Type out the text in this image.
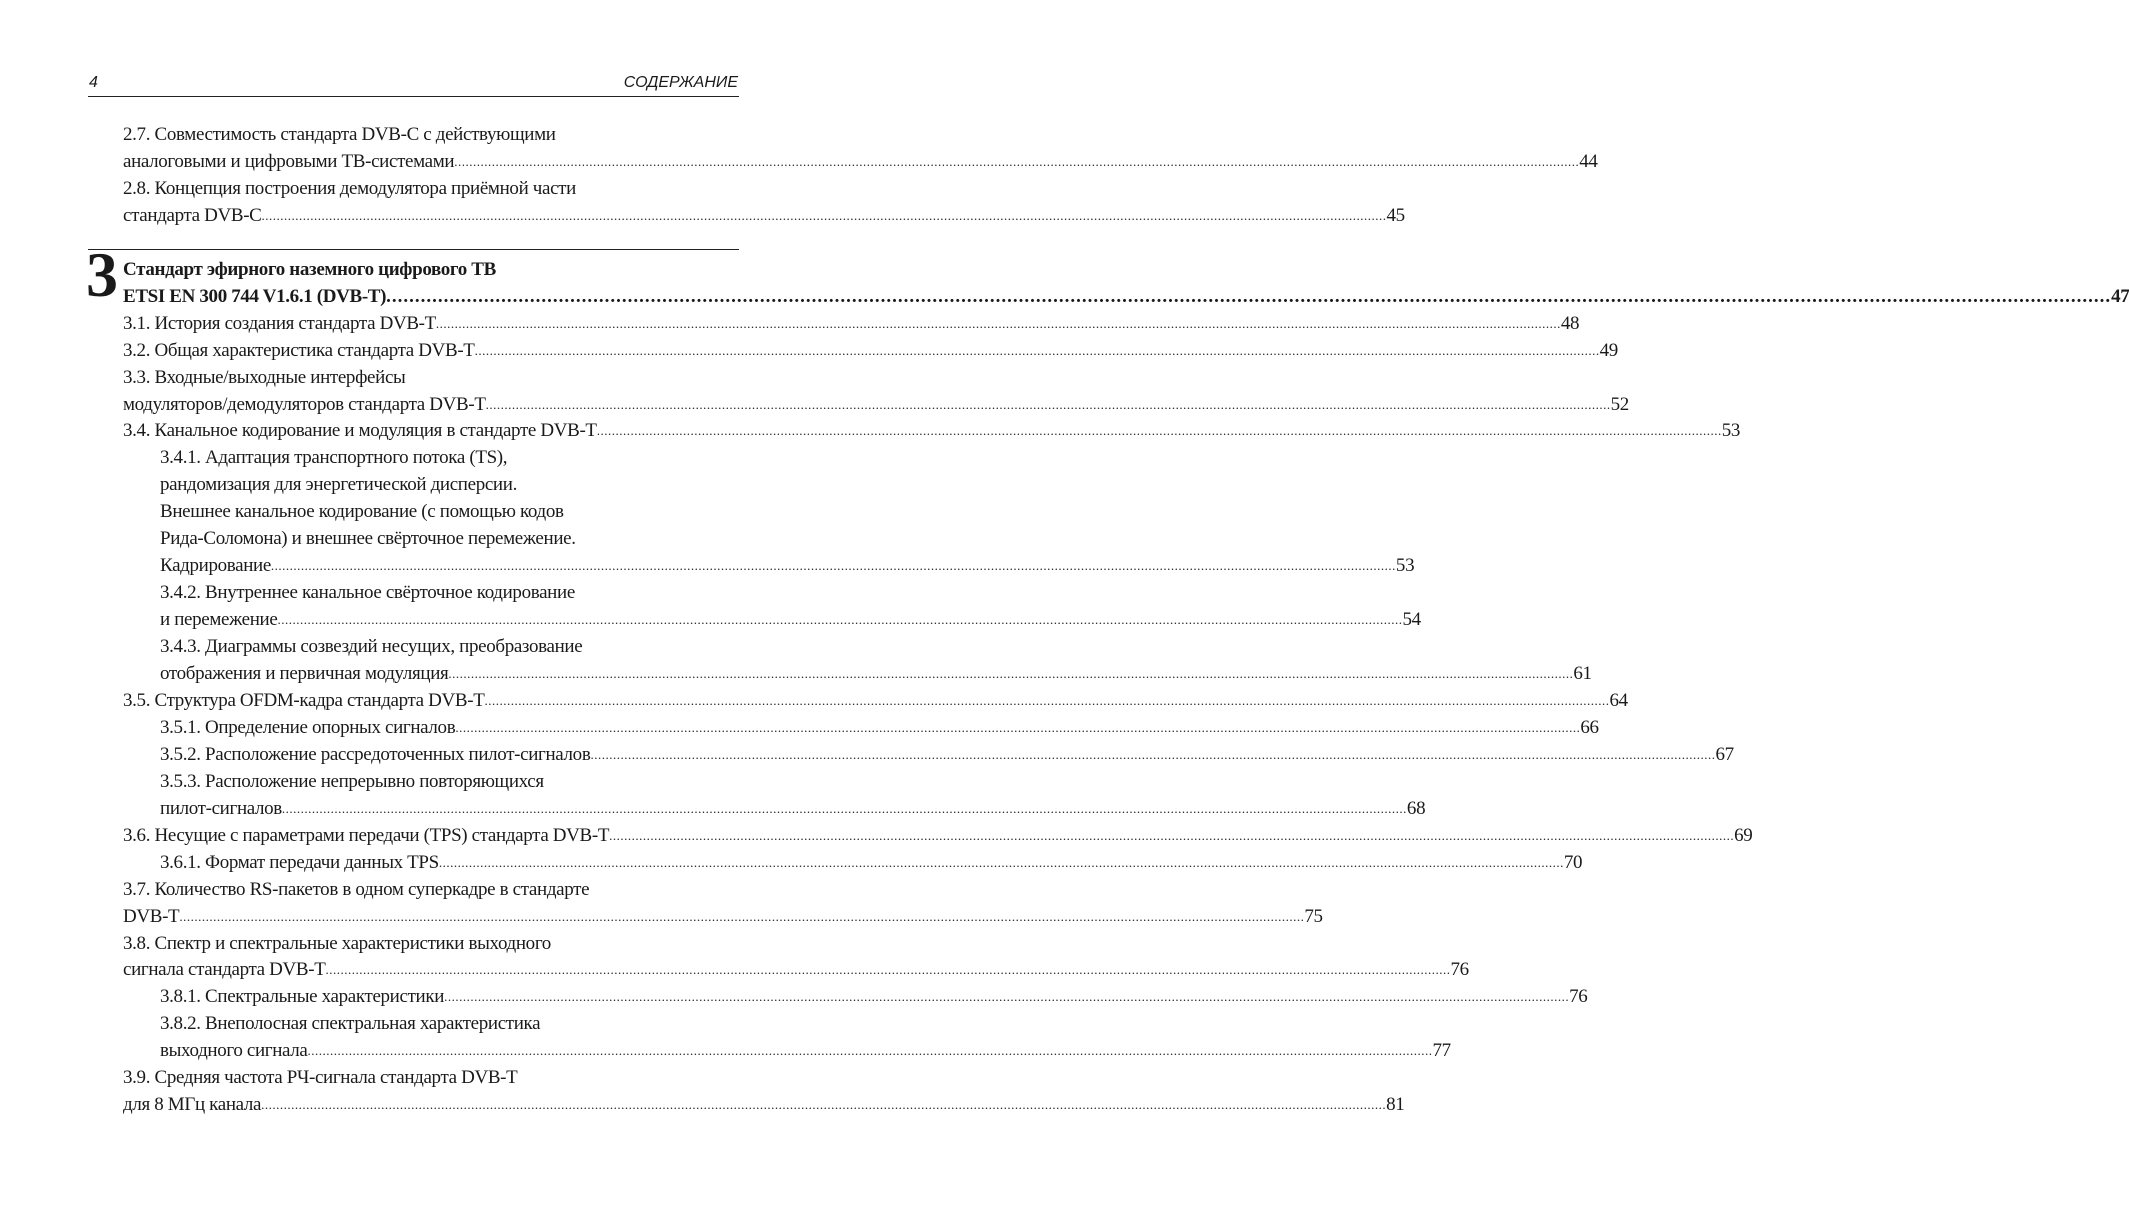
4	СОДЕРЖАНИЕ
3
2.7. Совместимость стандарта DVB-C с действующими
аналоговыми и цифровыми ТВ-системами ............................................................................................................................................................................................................................................................................................................ 44
2.8. Концепция построения демодулятора приёмной части
стандарта DVB-C ............................................................................................................................................................................................................................................................................................................ 45
Стандарт эфирного наземного цифрового ТВ
ETSI EN 300 744 V1.6.1 (DVB-T) ............................................................................................................................................................................................................................................................................................................ 47
3.1. История создания стандарта DVB-T ............................................................................................................................................................................................................................................................................................................ 48
3.2. Общая характеристика стандарта DVB-T ............................................................................................................................................................................................................................................................................................................ 49
3.3. Входные/выходные интерфейсы
модуляторов/демодуляторов стандарта DVB-T ............................................................................................................................................................................................................................................................................................................ 52
3.4. Канальное кодирование и модуляция в стандарте DVB-T ............................................................................................................................................................................................................................................................................................................ 53
3.4.1. Адаптация транспортного потока (TS),
рандомизация для энергетической дисперсии.
Внешнее канальное кодирование (с помощью кодов
Рида-Соломона) и внешнее свёрточное перемежение.
Кадрирование ............................................................................................................................................................................................................................................................................................................ 53
3.4.2. Внутреннее канальное свёрточное кодирование
и перемежение ............................................................................................................................................................................................................................................................................................................ 54
3.4.3. Диаграммы созвездий несущих, преобразование
отображения и первичная модуляция ............................................................................................................................................................................................................................................................................................................ 61
3.5. Структура OFDM-кадра стандарта DVB-T ............................................................................................................................................................................................................................................................................................................ 64
3.5.1. Определение опорных сигналов ............................................................................................................................................................................................................................................................................................................ 66
3.5.2. Расположение рассредоточенных пилот-сигналов ............................................................................................................................................................................................................................................................................................................ 67
3.5.3. Расположение непрерывно повторяющихся
пилот-сигналов ............................................................................................................................................................................................................................................................................................................ 68
3.6. Несущие с параметрами передачи (TPS) стандарта DVB-T ............................................................................................................................................................................................................................................................................................................ 69
3.6.1. Формат передачи данных TPS ............................................................................................................................................................................................................................................................................................................ 70
3.7. Количество RS-пакетов в одном суперкадре в стандарте
DVB-T ............................................................................................................................................................................................................................................................................................................ 75
3.8. Спектр и спектральные характеристики выходного
сигнала стандарта DVB-T ............................................................................................................................................................................................................................................................................................................ 76
3.8.1. Спектральные характеристики ............................................................................................................................................................................................................................................................................................................ 76
3.8.2. Внеполосная спектральная характеристика
выходного сигнала ............................................................................................................................................................................................................................................................................................................ 77
3.9. Средняя частота РЧ-сигнала стандарта DVB-T
для 8 МГц канала ............................................................................................................................................................................................................................................................................................................ 81
